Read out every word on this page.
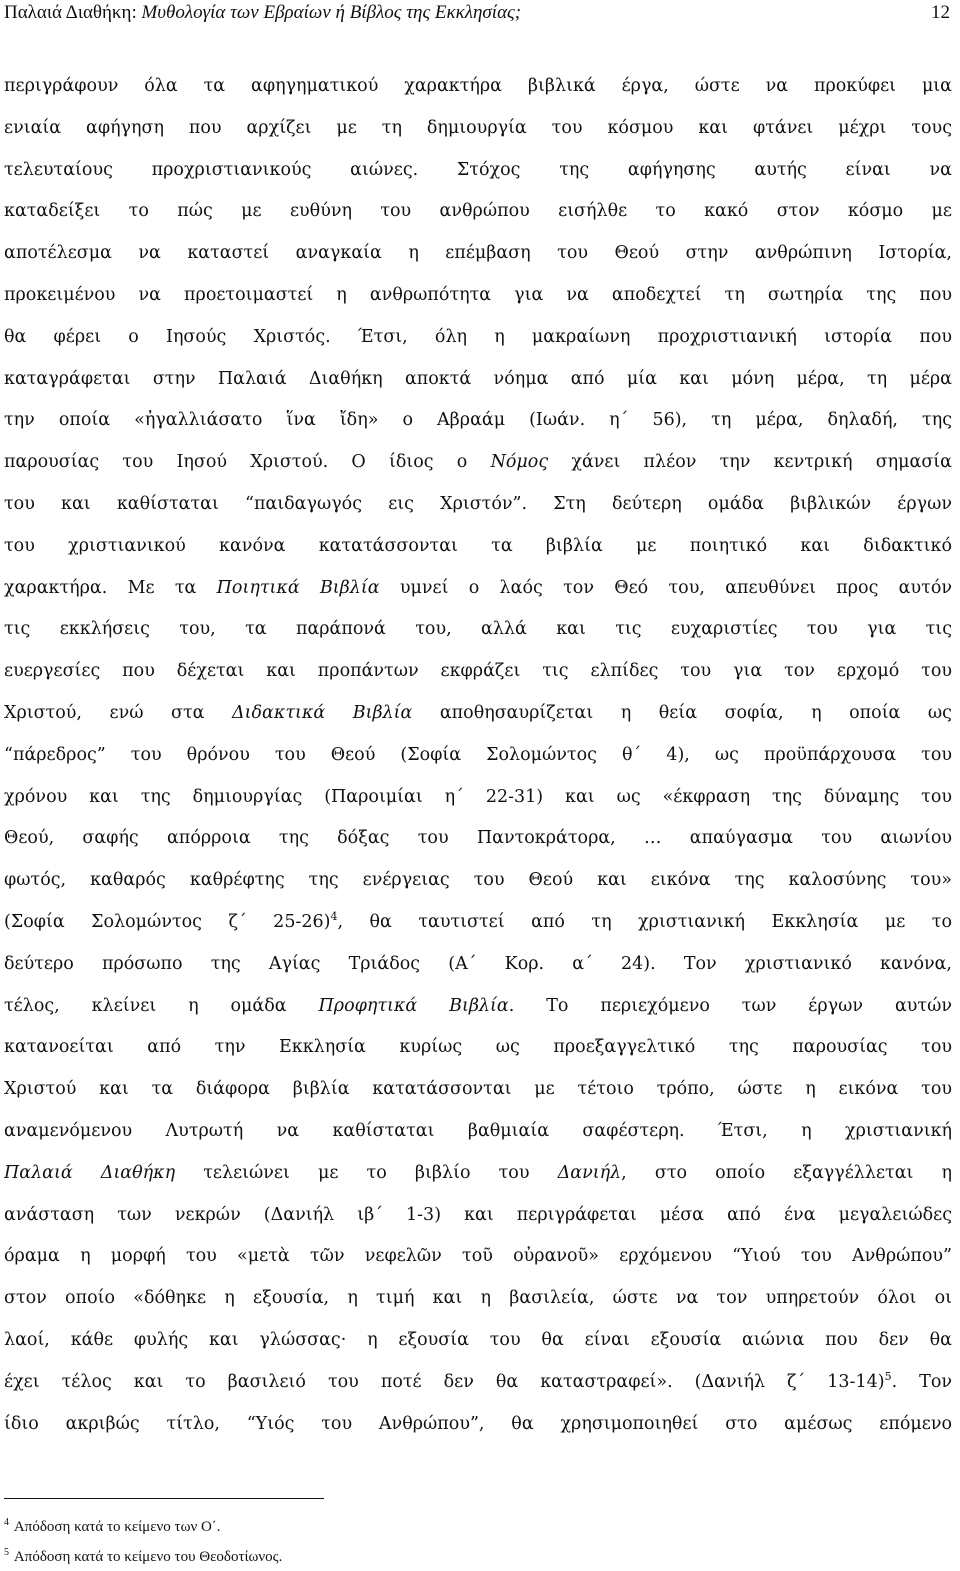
Παλαιά Διαθήκη: Μυθολογία των Εβραίων ή Βίβλος της Εκκλησίας;	12
περιγράφουν όλα τα αφηγηματικού χαρακτήρα βιβλικά έργα, ώστε να προκύφει μια
ενιαία αφήγηση που αρχίζει με τη δημιουργία του κόσμου και φτάνει μέχρι τους
τελευταίους προχριστιανικούς αιώνες. Στόχος της αφήγησης αυτής είναι να
καταδείξει το πώς με ευθύνη του ανθρώπου εισήλθε το κακό στον κόσμο με
αποτέλεσμα να καταστεί αναγκαία η επέμβαση του Θεού στην ανθρώπινη Ιστορία,
προκειμένου να προετοιμαστεί η ανθρωπότητα για να αποδεχτεί τη σωτηρία της που
θα φέρει ο Ιησούς Χριστός. Έτσι, όλη η μακραίωνη προχριστιανική ιστορία που
καταγράφεται στην Παλαιά Διαθήκη αποκτά νόημα από μία και μόνη μέρα, τη μέρα
την οποία «ἠγαλλιάσατο ἵνα ἴδη» ο Αβραάμ (Ιωάν. η΄ 56), τη μέρα, δηλαδή, της
παρουσίας του Ιησού Χριστού. Ο ίδιος ο Νόμος χάνει πλέον την κεντρική σημασία
του και καθίσταται “παιδαγωγός εις Χριστόν”. Στη δεύτερη ομάδα βιβλικών έργων
του χριστιανικού κανόνα κατατάσσονται τα βιβλία με ποιητικό και διδακτικό
χαρακτήρα. Με τα Ποιητικά Βιβλία υμνεί ο λαός τον Θεό του, απευθύνει προς αυτόν
τις εκκλήσεις του, τα παράπονά του, αλλά και τις ευχαριστίες του για τις
ευεργεσίες που δέχεται και προπάντων εκφράζει τις ελπίδες του για τον ερχομό του
Χριστού, ενώ στα Διδακτικά Βιβλία αποθησαυρίζεται η θεία σοφία, η οποία ως
“πάρεδρος” του θρόνου του Θεού (Σοφία Σολομώντος θ΄ 4), ως προϋπάρχουσα του
χρόνου και της δημιουργίας (Παροιμίαι η΄ 22-31) και ως «έκφραση της δύναμης του
Θεού, σαφής απόρροια της δόξας του Παντοκράτορα, … απαύγασμα του αιωνίου
φωτός, καθαρός καθρέφτης της ενέργειας του Θεού και εικόνα της καλοσύνης του»
(Σοφία Σολομώντος ζ΄ 25-26)$^4$, θα ταυτιστεί από τη χριστιανική Εκκλησία με το
δεύτερο πρόσωπο της Αγίας Τριάδος (Α΄ Κορ. α΄ 24). Τον χριστιανικό κανόνα,
τέλος, κλείνει η ομάδα Προφητικά Βιβλία. Το περιεχόμενο των έργων αυτών
κατανοείται από την Εκκλησία κυρίως ως προεξαγγελτικό της παρουσίας του
Χριστού και τα διάφορα βιβλία κατατάσσονται με τέτοιο τρόπο, ώστε η εικόνα του
αναμενόμενου Λυτρωτή να καθίσταται βαθμιαία σαφέστερη. Έτσι, η χριστιανική
Παλαιά Διαθήκη τελειώνει με το βιβλίο του Δανιήλ, στο οποίο εξαγγέλλεται η
ανάσταση των νεκρών (Δανιήλ ιβ΄ 1-3) και περιγράφεται μέσα από ένα μεγαλειώδες
όραμα η μορφή του «μετὰ τῶν νεφελῶν τοῦ οὐρανοῦ» ερχόμενου “Υιού του Ανθρώπου”
στον οποίο «δόθηκε η εξουσία, η τιμή και η βασιλεία, ώστε να τον υπηρετούν όλοι οι
λαοί, κάθε φυλής και γλώσσας· η εξουσία του θα είναι εξουσία αιώνια που δεν θα
έχει τέλος και το βασιλειό του ποτέ δεν θα καταστραφεί». (Δανιήλ ζ΄ 13-14)$^5$. Τον
ίδιο ακριβώς τίτλο, “Υιός του Ανθρώπου”, θα χρησιμοποιηθεί στο αμέσως επόμενο
$^4$ Απόδοση κατά το κείμενο των Ο΄.
$^5$ Απόδοση κατά το κείμενο του Θεοδοτίωνος.
